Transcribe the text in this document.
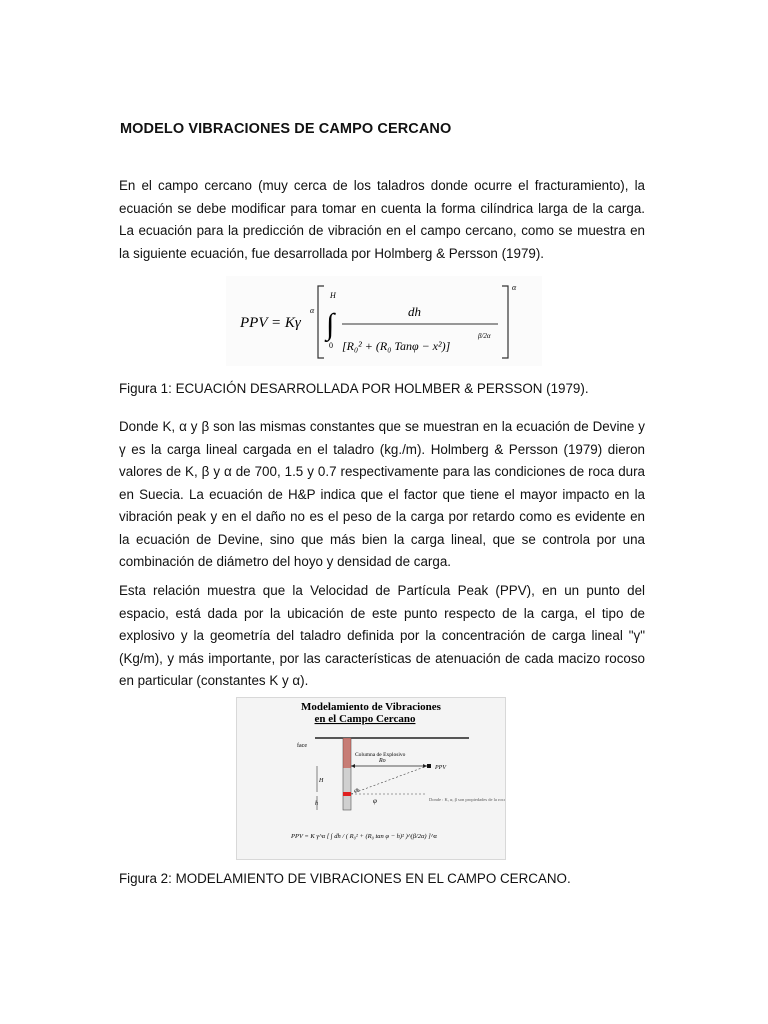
MODELO VIBRACIONES DE CAMPO CERCANO

En el campo cercano (muy cerca de los taladros donde ocurre el fracturamiento), la ecuación se debe modificar para tomar en cuenta la forma cilíndrica larga de la carga. La ecuación para la predicción de vibración en el campo cercano, como se muestra en la siguiente ecuación, fue desarrollada por Holmberg & Persson (1979).

PPV = Kγ
α ∫
H
0
dh
[R₀² + (R₀ Tanφ − x²)]
β/2α
α
Figura 1: ECUACIÓN DESARROLLADA POR HOLMBER & PERSSON (1979).

Donde K, α y β son las mismas constantes que se muestran en la ecuación de Devine y γ es la carga lineal cargada en el taladro (kg./m). Holmberg & Persson (1979) dieron valores de K, β y α de 700, 1.5 y 0.7 respectivamente para las condiciones de roca dura en Suecia. La ecuación de H&P indica que el factor que tiene el mayor impacto en la vibración peak y en el daño no es el peso de la carga por retardo como es evidente en la ecuación de Devine, sino que más bien la carga lineal, que se controla por una combinación de diámetro del hoyo y densidad de carga.

Esta relación muestra que la Velocidad de Partícula Peak (PPV), en un punto del espacio, está dada por la ubicación de este punto respecto de la carga, el tipo de explosivo y la geometría del taladro definida por la concentración de carga lineal "γ" (Kg/m), y más importante, por las características de atenuación de cada macizo rocoso en particular (constantes K y α).

Modelamiento de Vibraciones
en el Campo Cercano
face
Columna de Explosivo
Ro
PPV
φ
H
dh
h
Donde : K, α, β son propiedades de la roca
PPV = K γ^α [ ∫ dh / ( R₀² + (R₀ tan φ − h)² )^(β/2α) ]^α
Figura 2: MODELAMIENTO DE VIBRACIONES EN EL CAMPO CERCANO.
